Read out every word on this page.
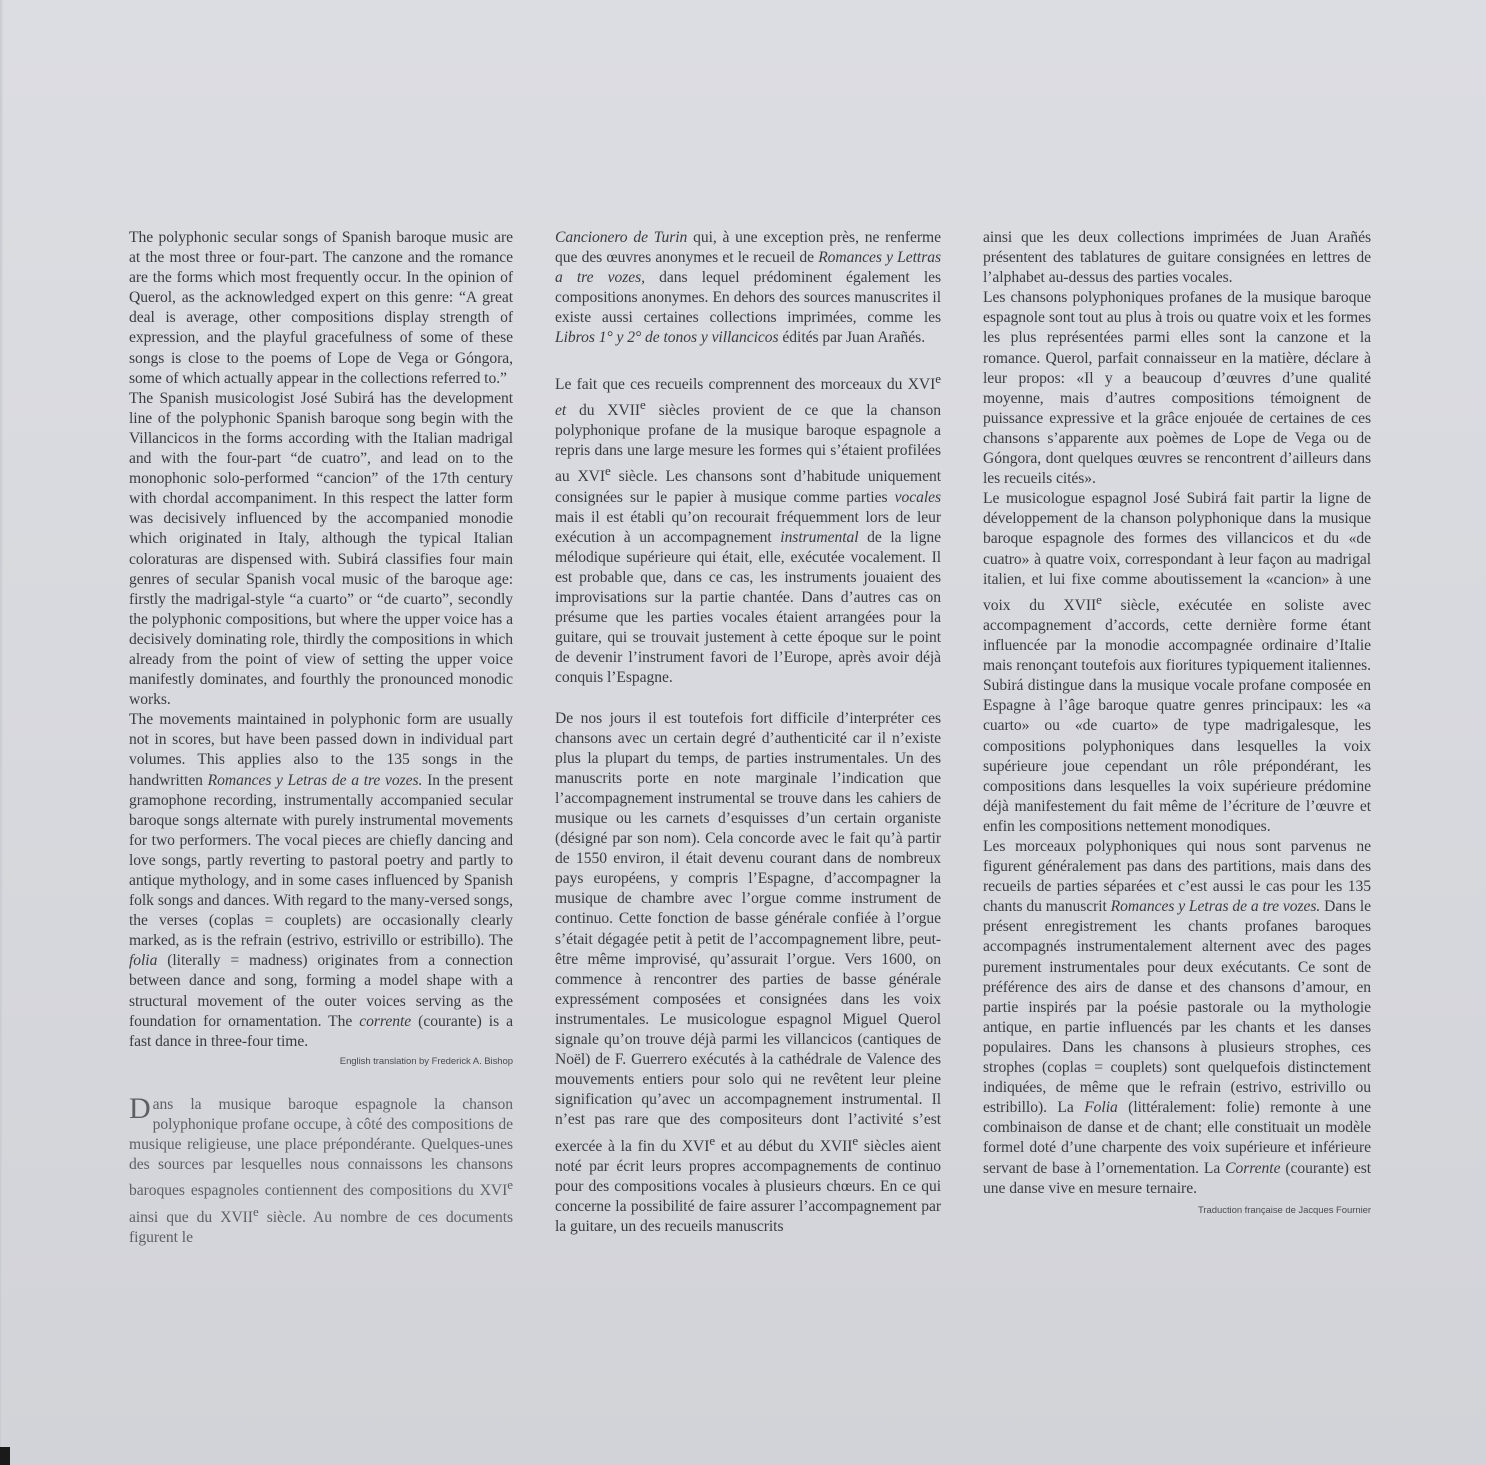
The polyphonic secular songs of Spanish baroque music are at the most three or four-part. The canzone and the romance are the forms which most frequently occur. In the opinion of Querol, as the acknowledged expert on this genre: “A great deal is average, other compositions display strength of expression, and the playful gracefulness of some of these songs is close to the poems of Lope de Vega or Góngora, some of which actually appear in the collections referred to.”

The Spanish musicologist José Subirá has the development line of the polyphonic Spanish baroque song begin with the Villancicos in the forms according with the Italian madrigal and with the four-part “de cuatro”, and lead on to the monophonic solo-performed “cancion” of the 17th century with chordal accompaniment. In this respect the latter form was decisively influenced by the accompanied monodie which originated in Italy, although the typical Italian coloraturas are dispensed with. Subirá classifies four main genres of secular Spanish vocal music of the baroque age: firstly the madrigal-style “a cuarto” or “de cuarto”, secondly the polyphonic compositions, but where the upper voice has a decisively dominating role, thirdly the compositions in which already from the point of view of setting the upper voice manifestly dominates, and fourthly the pronounced monodic works.

The movements maintained in polyphonic form are usually not in scores, but have been passed down in individual part volumes. This applies also to the 135 songs in the handwritten Romances y Letras de a tre vozes. In the present gramophone recording, instrumentally accompanied secular baroque songs alternate with purely instrumental movements for two performers. The vocal pieces are chiefly dancing and love songs, partly reverting to pastoral poetry and partly to antique mythology, and in some cases influenced by Spanish folk songs and dances. With regard to the many-versed songs, the verses (coplas = couplets) are occasionally clearly marked, as is the refrain (estrivo, estrivillo or estribillo). The folia (literally = madness) originates from a connection between dance and song, forming a model shape with a structural movement of the outer voices serving as the foundation for ornamentation. The corrente (courante) is a fast dance in three-four time.

English translation by Frederick A. Bishop

Dans la musique baroque espagnole la chanson polyphonique profane occupe, à côté des compositions de musique religieuse, une place prépondérante. Quelques-unes des sources par lesquelles nous connaissons les chansons baroques espagnoles contiennent des compositions du XVIe ainsi que du XVIIe siècle. Au nombre de ces documents figurent le

Cancionero de Turin qui, à une exception près, ne renferme que des œuvres anonymes et le recueil de Romances y Lettras a tre vozes, dans lequel prédominent également les compositions anonymes. En dehors des sources manuscrites il existe aussi certaines collections imprimées, comme les Libros 1° y 2° de tonos y villancicos édités par Juan Arañés.

Le fait que ces recueils comprennent des morceaux du XVIe et du XVIIe siècles provient de ce que la chanson polyphonique profane de la musique baroque espagnole a repris dans une large mesure les formes qui s’étaient profilées au XVIe siècle. Les chansons sont d’habitude uniquement consignées sur le papier à musique comme parties vocales mais il est établi qu’on recourait fréquemment lors de leur exécution à un accompagnement instrumental de la ligne mélodique supérieure qui était, elle, exécutée vocalement. Il est probable que, dans ce cas, les instruments jouaient des improvisations sur la partie chantée. Dans d’autres cas on présume que les parties vocales étaient arrangées pour la guitare, qui se trouvait justement à cette époque sur le point de devenir l’instrument favori de l’Europe, après avoir déjà conquis l’Espagne.

De nos jours il est toutefois fort difficile d’interpréter ces chansons avec un certain degré d’authenticité car il n’existe plus la plupart du temps, de parties instrumentales. Un des manuscrits porte en note marginale l’indication que l’accompagnement instrumental se trouve dans les cahiers de musique ou les carnets d’esquisses d’un certain organiste (désigné par son nom). Cela concorde avec le fait qu’à partir de 1550 environ, il était devenu courant dans de nombreux pays européens, y compris l’Espagne, d’accompagner la musique de chambre avec l’orgue comme instrument de continuo. Cette fonction de basse générale confiée à l’orgue s’était dégagée petit à petit de l’accompagnement libre, peut-être même improvisé, qu’assurait l’orgue. Vers 1600, on commence à rencontrer des parties de basse générale expressément composées et consignées dans les voix instrumentales. Le musicologue espagnol Miguel Querol signale qu’on trouve déjà parmi les villancicos (cantiques de Noël) de F. Guerrero exécutés à la cathédrale de Valence des mouvements entiers pour solo qui ne revêtent leur pleine signification qu’avec un accompagnement instrumental. Il n’est pas rare que des compositeurs dont l’activité s’est exercée à la fin du XVIe et au début du XVIIe siècles aient noté par écrit leurs propres accompagnements de continuo pour des compositions vocales à plusieurs chœurs. En ce qui concerne la possibilité de faire assurer l’accompagnement par la guitare, un des recueils manuscrits

ainsi que les deux collections imprimées de Juan Arañés présentent des tablatures de guitare consignées en lettres de l’alphabet au-dessus des parties vocales.

Les chansons polyphoniques profanes de la musique baroque espagnole sont tout au plus à trois ou quatre voix et les formes les plus représentées parmi elles sont la canzone et la romance. Querol, parfait connaisseur en la matière, déclare à leur propos: «Il y a beaucoup d’œuvres d’une qualité moyenne, mais d’autres compositions témoignent de puissance expressive et la grâce enjouée de certaines de ces chansons s’apparente aux poèmes de Lope de Vega ou de Góngora, dont quelques œuvres se rencontrent d’ailleurs dans les recueils cités».

Le musicologue espagnol José Subirá fait partir la ligne de développement de la chanson polyphonique dans la musique baroque espagnole des formes des villancicos et du «de cuatro» à quatre voix, correspondant à leur façon au madrigal italien, et lui fixe comme aboutissement la «cancion» à une voix du XVIIe siècle, exécutée en soliste avec accompagnement d’accords, cette dernière forme étant influencée par la monodie accompagnée ordinaire d’Italie mais renonçant toutefois aux fioritures typiquement italiennes. Subirá distingue dans la musique vocale profane composée en Espagne à l’âge baroque quatre genres principaux: les «a cuarto» ou «de cuarto» de type madrigalesque, les compositions polyphoniques dans lesquelles la voix supérieure joue cependant un rôle prépondérant, les compositions dans lesquelles la voix supérieure prédomine déjà manifestement du fait même de l’écriture de l’œuvre et enfin les compositions nettement monodiques.

Les morceaux polyphoniques qui nous sont parvenus ne figurent généralement pas dans des partitions, mais dans des recueils de parties séparées et c’est aussi le cas pour les 135 chants du manuscrit Romances y Letras de a tre vozes. Dans le présent enregistrement les chants profanes baroques accompagnés instrumentalement alternent avec des pages purement instrumentales pour deux exécutants. Ce sont de préférence des airs de danse et des chansons d’amour, en partie inspirés par la poésie pastorale ou la mythologie antique, en partie influencés par les chants et les danses populaires. Dans les chansons à plusieurs strophes, ces strophes (coplas = couplets) sont quelquefois distinctement indiquées, de même que le refrain (estrivo, estrivillo ou estribillo). La Folia (littéralement: folie) remonte à une combinaison de danse et de chant; elle constituait un modèle formel doté d’une charpente des voix supérieure et inférieure servant de base à l’ornementation. La Corrente (courante) est une danse vive en mesure ternaire.

Traduction française de Jacques Fournier
